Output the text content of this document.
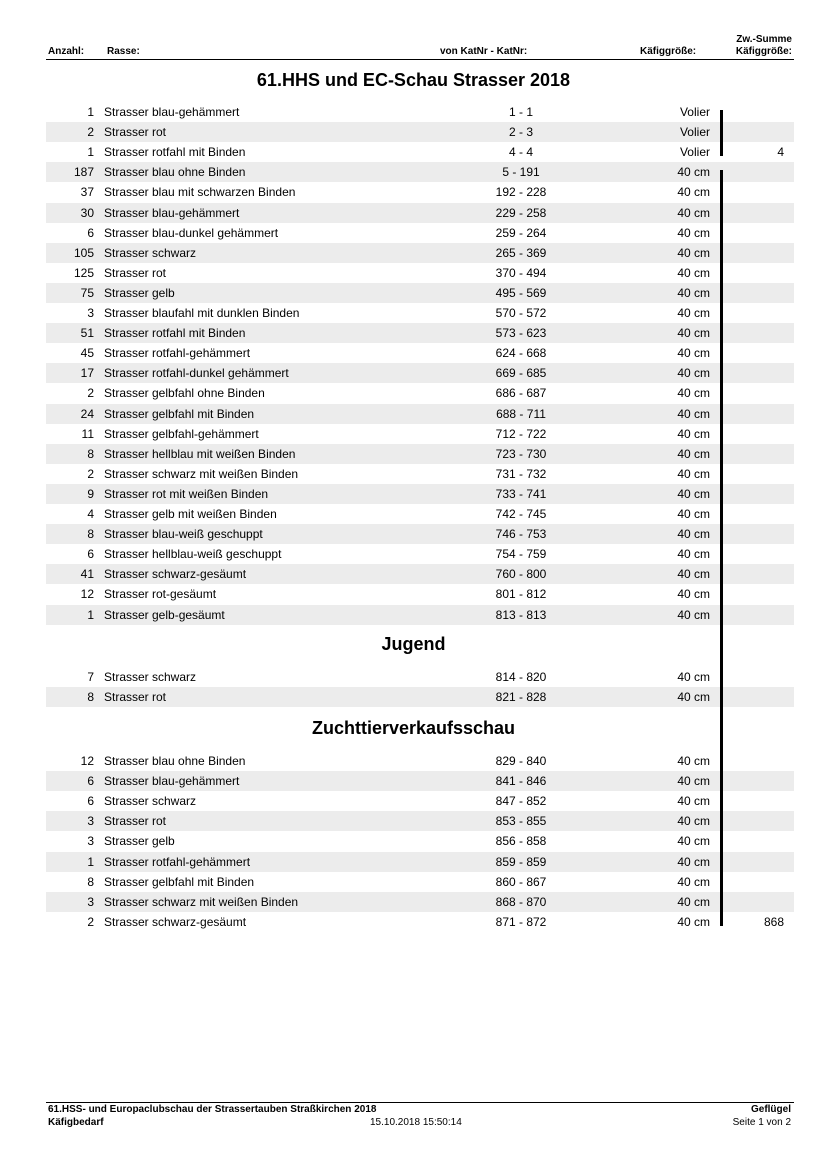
Anzahl: Rasse:	von KatNr - KatNr:	Käfiggröße:
Zw.-Summe
Käfiggröße:
61.HHS und EC-Schau Strasser 2018
1 Strasser blau-gehämmert	1 - 1	Volier
2 Strasser rot	2 - 3	Volier
1 Strasser rotfahl mit Binden	4 - 4	Volier	4
187 Strasser blau ohne Binden	5 - 191	40 cm
37 Strasser blau mit schwarzen Binden	192 - 228	40 cm
30 Strasser blau-gehämmert	229 - 258	40 cm
6 Strasser blau-dunkel gehämmert	259 - 264	40 cm
105 Strasser schwarz	265 - 369	40 cm
125 Strasser rot	370 - 494	40 cm
75 Strasser gelb	495 - 569	40 cm
3 Strasser blaufahl mit dunklen Binden	570 - 572	40 cm
51 Strasser rotfahl mit Binden	573 - 623	40 cm
45 Strasser rotfahl-gehämmert	624 - 668	40 cm
17 Strasser rotfahl-dunkel gehämmert	669 - 685	40 cm
2 Strasser gelbfahl ohne Binden	686 - 687	40 cm
24 Strasser gelbfahl mit Binden	688 - 711	40 cm
11 Strasser gelbfahl-gehämmert	712 - 722	40 cm
8 Strasser hellblau mit weißen Binden	723 - 730	40 cm
2 Strasser schwarz mit weißen Binden	731 - 732	40 cm
9 Strasser rot mit weißen Binden	733 - 741	40 cm
4 Strasser gelb mit weißen Binden	742 - 745	40 cm
8 Strasser blau-weiß geschuppt	746 - 753	40 cm
6 Strasser hellblau-weiß geschuppt	754 - 759	40 cm
41 Strasser schwarz-gesäumt	760 - 800	40 cm
12 Strasser rot-gesäumt	801 - 812	40 cm
1 Strasser gelb-gesäumt	813 - 813	40 cm
Jugend
7 Strasser schwarz	814 - 820	40 cm
8 Strasser rot	821 - 828	40 cm
Zuchttierverkaufsschau
12 Strasser blau ohne Binden	829 - 840	40 cm
6 Strasser blau-gehämmert	841 - 846	40 cm
6 Strasser schwarz	847 - 852	40 cm
3 Strasser rot	853 - 855	40 cm
3 Strasser gelb	856 - 858	40 cm
1 Strasser rotfahl-gehämmert	859 - 859	40 cm
8 Strasser gelbfahl mit Binden	860 - 867	40 cm
3 Strasser schwarz mit weißen Binden	868 - 870	40 cm
2 Strasser schwarz-gesäumt	871 - 872	40 cm	868
61.HSS- und Europaclubschau der Strassertauben Straßkirchen 2018
Käfigbedarf	15.10.2018 15:50:14
Geflügel
Seite 1 von 2
